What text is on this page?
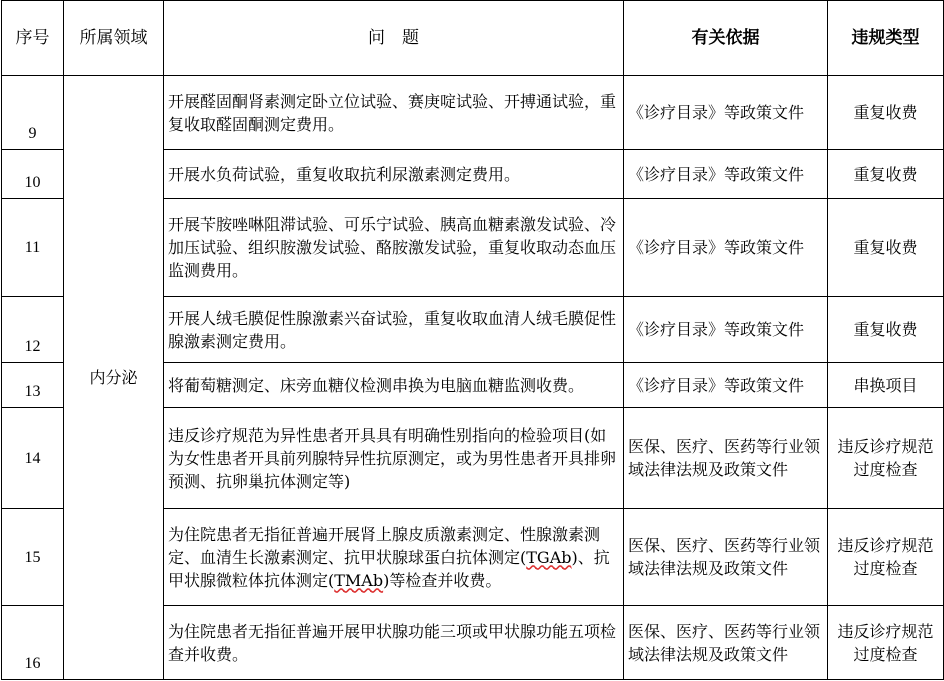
序号	所属领域	问　题	有关依据	违规类型
9	内分泌	开展醛固酮肾素测定卧立位试验、赛庚啶试验、开搏通试验，重复收取醛固酮测定费用。	《诊疗目录》等政策文件	重复收费
10		开展水负荷试验，重复收取抗利尿激素测定费用。	《诊疗目录》等政策文件	重复收费
11		开展苄胺唑啉阻滞试验、可乐宁试验、胰高血糖素激发试验、冷加压试验、组织胺激发试验、酪胺激发试验，重复收取动态血压监测费用。	《诊疗目录》等政策文件	重复收费
12		开展人绒毛膜促性腺激素兴奋试验，重复收取血清人绒毛膜促性腺激素测定费用。	《诊疗目录》等政策文件	重复收费
13		将葡萄糖测定、床旁血糖仪检测串换为电脑血糖监测收费。	《诊疗目录》等政策文件	串换项目
14		违反诊疗规范为异性患者开具具有明确性别指向的检验项目(如为女性患者开具前列腺特异性抗原测定，或为男性患者开具排卵预测、抗卵巢抗体测定等)	医保、医疗、医药等行业领域法律法规及政策文件	违反诊疗规范过度检查
15		为住院患者无指征普遍开展肾上腺皮质激素测定、性腺激素测定、血清生长激素测定、抗甲状腺球蛋白抗体测定(TGAb)、抗甲状腺微粒体抗体测定(TMAb)等检查并收费。	医保、医疗、医药等行业领域法律法规及政策文件	违反诊疗规范过度检查
16		为住院患者无指征普遍开展甲状腺功能三项或甲状腺功能五项检查并收费。	医保、医疗、医药等行业领域法律法规及政策文件	违反诊疗规范过度检查
